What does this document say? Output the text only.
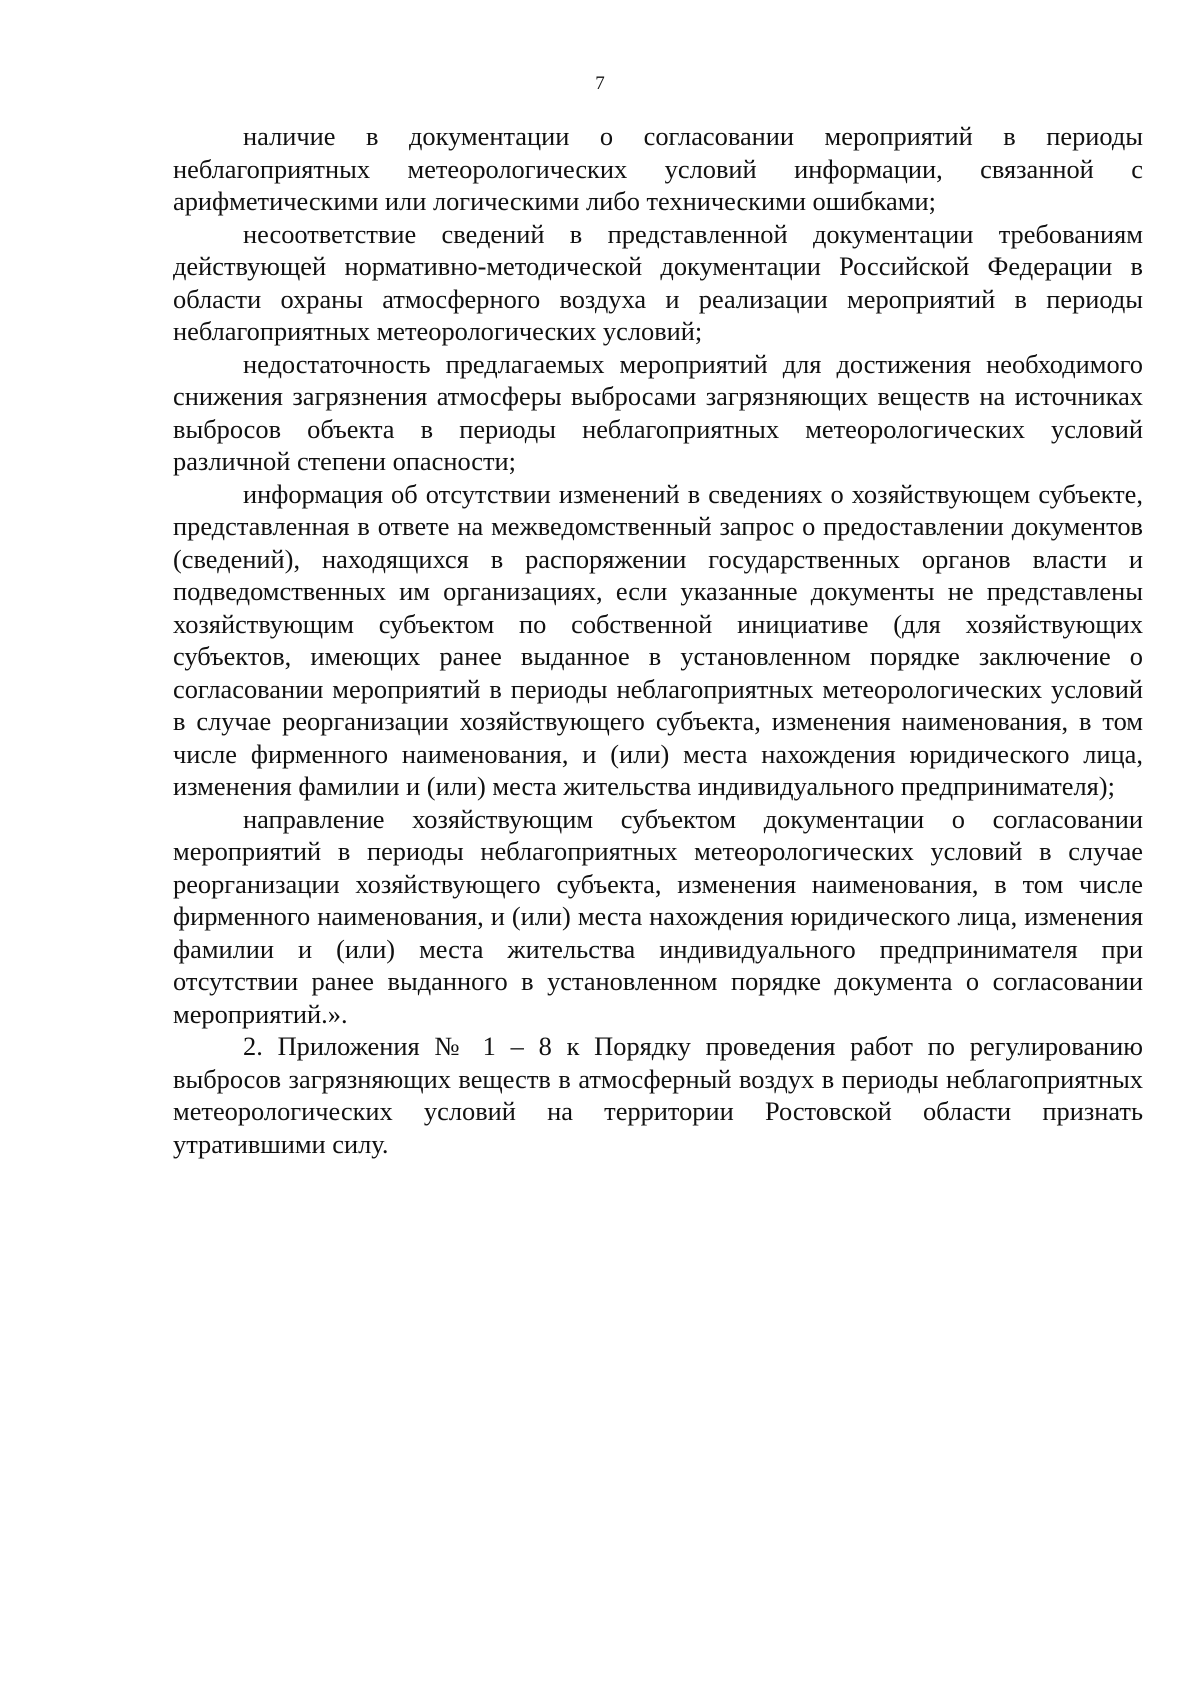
7

наличие в документации о согласовании мероприятий в периоды неблагоприятных метеорологических условий информации, связанной с арифметическими или логическими либо техническими ошибками;

несоответствие сведений в представленной документации требованиям действующей нормативно-методической документации Российской Федерации в области охраны атмосферного воздуха и реализации мероприятий в периоды неблагоприятных метеорологических условий;

недостаточность предлагаемых мероприятий для достижения необходимого снижения загрязнения атмосферы выбросами загрязняющих веществ на источниках выбросов объекта в периоды неблагоприятных метеорологических условий различной степени опасности;

информация об отсутствии изменений в сведениях о хозяйствующем субъекте, представленная в ответе на межведомственный запрос о предоставлении документов (сведений), находящихся в распоряжении государственных органов власти и подведомственных им организациях, если указанные документы не представлены хозяйствующим субъектом по собственной инициативе (для хозяйствующих субъектов, имеющих ранее выданное в установленном порядке заключение о согласовании мероприятий в периоды неблагоприятных метеорологических условий в случае реорганизации хозяйствующего субъекта, изменения наименования, в том числе фирменного наименования, и (или) места нахождения юридического лица, изменения фамилии и (или) места жительства индивидуального предпринимателя);

направление хозяйствующим субъектом документации о согласовании мероприятий в периоды неблагоприятных метеорологических условий в случае реорганизации хозяйствующего субъекта, изменения наименования, в том числе фирменного наименования, и (или) места нахождения юридического лица, изменения фамилии и (или) места жительства индивидуального предпринимателя при отсутствии ранее выданного в установленном порядке документа о согласовании мероприятий.».

2. Приложения № 1 – 8 к Порядку проведения работ по регулированию выбросов загрязняющих веществ в атмосферный воздух в периоды неблагоприятных метеорологических условий на территории Ростовской области признать утратившими силу.
